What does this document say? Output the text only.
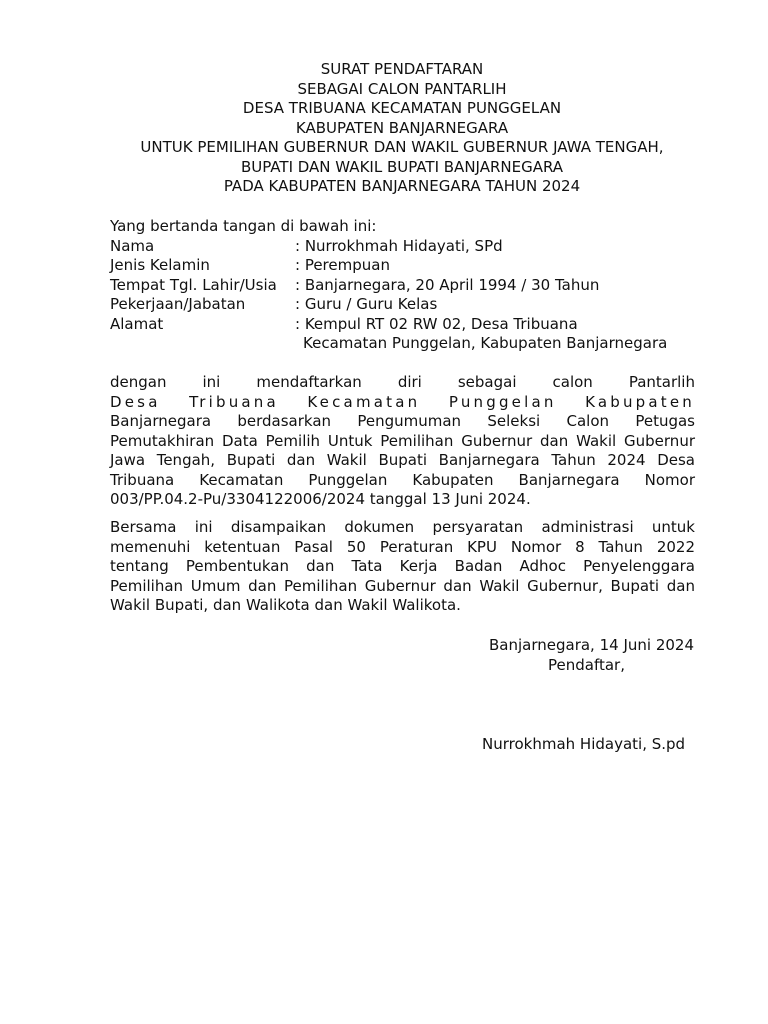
SURAT PENDAFTARAN
SEBAGAI CALON PANTARLIH
DESA TRIBUANA KECAMATAN PUNGGELAN
KABUPATEN BANJARNEGARA
UNTUK PEMILIHAN GUBERNUR DAN WAKIL GUBERNUR JAWA TENGAH,
BUPATI DAN WAKIL BUPATI BANJARNEGARA
PADA KABUPATEN BANJARNEGARA TAHUN 2024
Yang bertanda tangan di bawah ini:
Nama	: Nurrokhmah Hidayati, SPd
Jenis Kelamin	: Perempuan
Tempat Tgl. Lahir/Usia	: Banjarnegara, 20 April 1994 / 30 Tahun
Pekerjaan/Jabatan	: Guru / Guru Kelas
Alamat	: Kempul RT 02 RW 02, Desa Tribuana
Kecamatan Punggelan, Kabupaten Banjarnegara
dengan ini mendaftarkan diri sebagai calon Pantarlih
Desa Tribuana Kecamatan Punggelan Kabupaten
Banjarnegara berdasarkan Pengumuman Seleksi Calon Petugas
Pemutakhiran Data Pemilih Untuk Pemilihan Gubernur dan Wakil Gubernur
Jawa Tengah, Bupati dan Wakil Bupati Banjarnegara Tahun 2024 Desa
Tribuana Kecamatan Punggelan Kabupaten Banjarnegara Nomor
003/PP.04.2-Pu/3304122006/2024 tanggal 13 Juni 2024.
Bersama ini disampaikan dokumen persyaratan administrasi untuk
memenuhi ketentuan Pasal 50 Peraturan KPU Nomor 8 Tahun 2022
tentang Pembentukan dan Tata Kerja Badan Adhoc Penyelenggara
Pemilihan Umum dan Pemilihan Gubernur dan Wakil Gubernur, Bupati dan
Wakil Bupati, dan Walikota dan Wakil Walikota.
Banjarnegara, 14 Juni 2024
Pendaftar,
Nurrokhmah Hidayati, S.pd
